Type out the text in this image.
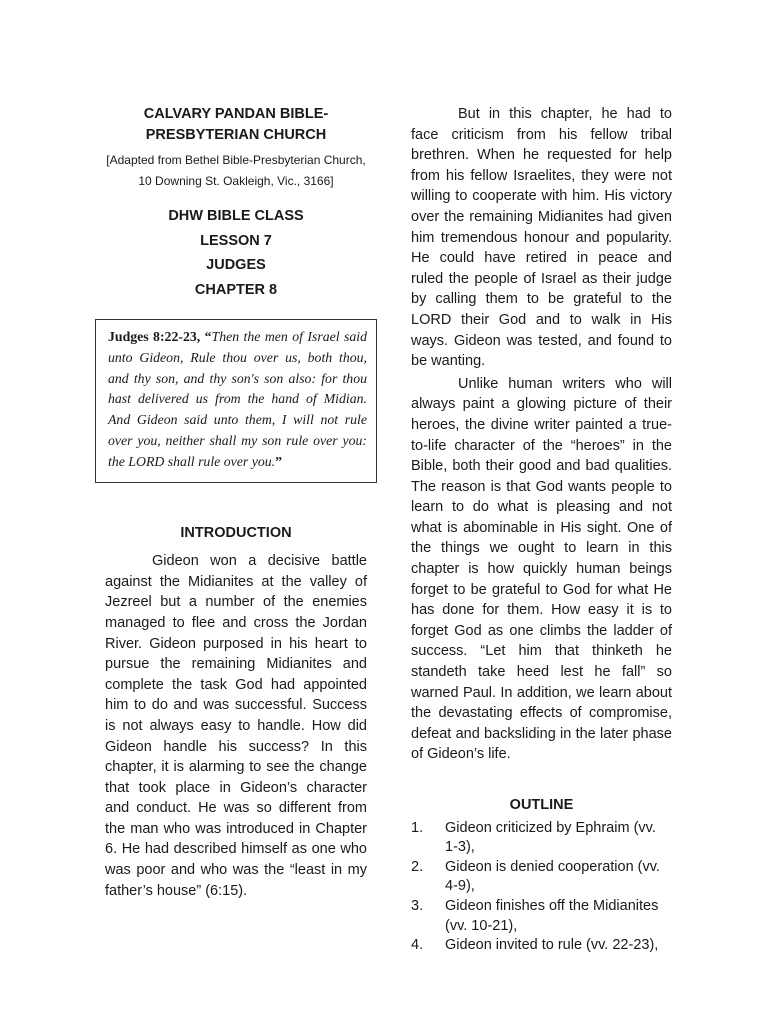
CALVARY PANDAN BIBLE-PRESBYTERIAN CHURCH

[Adapted from Bethel Bible-Presbyterian Church, 10 Downing St. Oakleigh, Vic., 3166]
DHW BIBLE CLASS
LESSON 7
JUDGES
CHAPTER 8
Judges 8:22-23, “Then the men of Israel said unto Gideon, Rule thou over us, both thou, and thy son, and thy son's son also: for thou hast delivered us from the hand of Midian. And Gideon said unto them, I will not rule over you, neither shall my son rule over you: the LORD shall rule over you.”
INTRODUCTION

Gideon won a decisive battle against the Midianites at the valley of Jezreel but a number of the enemies managed to flee and cross the Jordan River. Gideon purposed in his heart to pursue the remaining Midianites and complete the task God had appointed him to do and was successful. Success is not always easy to handle. How did Gideon handle his success? In this chapter, it is alarming to see the change that took place in Gideon’s character and conduct. He was so different from the man who was introduced in Chapter 6. He had described himself as one who was poor and who was the “least in my father’s house” (6:15).

But in this chapter, he had to face criticism from his fellow tribal brethren. When he requested for help from his fellow Israelites, they were not willing to cooperate with him. His victory over the remaining Midianites had given him tremendous honour and popularity. He could have retired in peace and ruled the people of Israel as their judge by calling them to be grateful to the LORD their God and to walk in His ways. Gideon was tested, and found to be wanting.

Unlike human writers who will always paint a glowing picture of their heroes, the divine writer painted a true-to-life character of the “heroes” in the Bible, both their good and bad qualities. The reason is that God wants people to learn to do what is pleasing and not what is abominable in His sight. One of the things we ought to learn in this chapter is how quickly human beings forget to be grateful to God for what He has done for them. How easy it is to forget God as one climbs the ladder of success. “Let him that thinketh he standeth take heed lest he fall” so warned Paul. In addition, we learn about the devastating effects of compromise, defeat and backsliding in the later phase of Gideon’s life.

OUTLINE
1. Gideon criticized by Ephraim (vv. 1-3),
2. Gideon is denied cooperation (vv. 4-9),
3. Gideon finishes off the Midianites (vv. 10-21),
4. Gideon invited to rule (vv. 22-23),
